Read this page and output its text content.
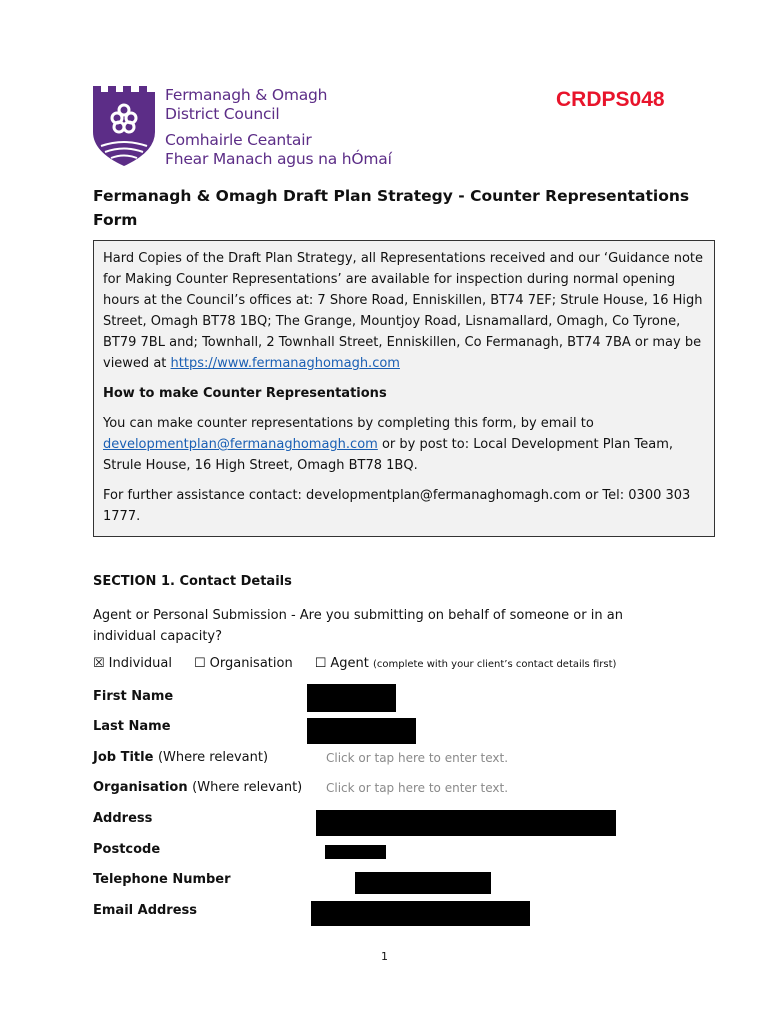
Fermanagh & Omagh
District Council
Comhairle Ceantair
Fhear Manach agus na hÓmaí
CRDPS048
Fermanagh & Omagh Draft Plan Strategy - Counter Representations Form

Hard Copies of the Draft Plan Strategy, all Representations received and our ‘Guidance note for Making Counter Representations’ are available for inspection during normal opening hours at the Council’s offices at: 7 Shore Road, Enniskillen, BT74 7EF; Strule House, 16 High Street, Omagh BT78 1BQ; The Grange, Mountjoy Road, Lisnamallard, Omagh, Co Tyrone, BT79 7BL and; Townhall, 2 Townhall Street, Enniskillen, Co Fermanagh, BT74 7BA or may be viewed at https://www.fermanaghomagh.com

How to make Counter Representations

You can make counter representations by completing this form, by email to developmentplan@fermanaghomagh.com or by post to: Local Development Plan Team, Strule House, 16 High Street, Omagh BT78 1BQ.

For further assistance contact: developmentplan@fermanaghomagh.com or Tel: 0300 303 1777.

SECTION 1. Contact Details
Agent or Personal Submission - Are you submitting on behalf of someone or in an individual capacity?
☒ Individual ☐ Organisation ☐ Agent (complete with your client’s contact details first)
First Name
Last Name
Job Title (Where relevant)	Click or tap here to enter text.
Organisation (Where relevant) Click or tap here to enter text.
Address
Postcode
Telephone Number
Email Address
1
